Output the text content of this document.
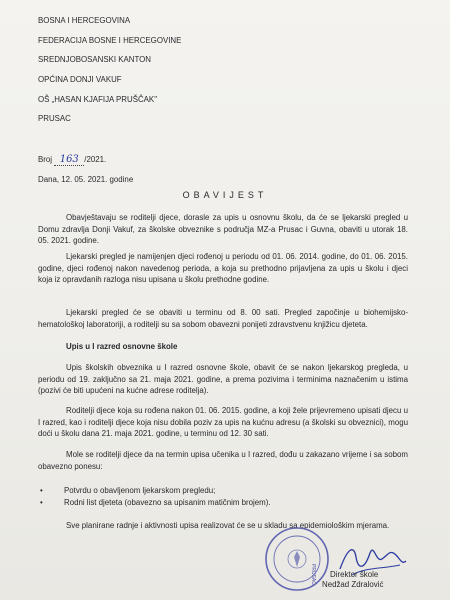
BOSNA I HERCEGOVINA
FEDERACIJA BOSNE I HERCEGOVINE
SREDNJOBOSANSKI KANTON
OPĆINA DONJI VAKUF
OŠ „HASAN KJAFIJA PRUŠČAK"
PRUSAC
Broj 163 /2021.
Dana, 12. 05. 2021. godine
OBAVIJEST
Obavještavaju se roditelji djece, doraslе za upis u osnovnu školu, da će se ljekarski pregled u Domu zdravlja Donji Vakuf, za školske obveznike s područja MZ-a Prusac i Guvna, obaviti u utorak 18. 05. 2021. godine.
Ljekarski pregled je namijenjen djeci rođenoj u periodu od 01. 06. 2014. godine, do 01. 06. 2015. godine, djeci rođenoj nakon navedenog perioda, a koja su prethodno prijavljena za upis u školu i djeci koja iz opravdanih razloga nisu upisana u školu prethodne godine.
Ljekarski pregled će se obaviti u terminu od 8. 00 sati. Pregled započinje u biohemijsko-hematološkoj laboratoriji, a roditelji su sa sobom obavezni ponijeti zdravstvenu knjižicu djeteta.
Upis u I razred osnovne škole
Upis školskih obveznika u I razred osnovne škole, obavit će se nakon ljekarskog pregleda, u periodu od 19. zaključno sa 21. maja 2021. godine, a prema pozivima i terminima naznačenim u istima (pozivi će biti upućeni na kućne adrese roditelja).
Roditelji djece koja su rođena nakon 01. 06. 2015. godine, a koji žele prijevremeno upisati djecu u I razred, kao i roditelji djece koja nisu dobila poziv za upis na kućnu adresu (a školski su obveznici), mogu doći u školu dana 21. maja 2021. godine, u terminu od 12. 30 sati.
Mole se roditelji djece da na termin upisa učenika u I razred, dođu u zakazano vrijeme i sa sobom obavezno ponesu:
• Potvrdu o obavljenom ljekarskom pregledu;
• Rodni list djeteta (obavezno sa upisanim matičnim brojem).
Sve planirane radnje i aktivnosti upisa realizovat će se u skladu sa epidemiološkim mjerama.
PRUSAC Direktor škole
Nedžad Zdralović
